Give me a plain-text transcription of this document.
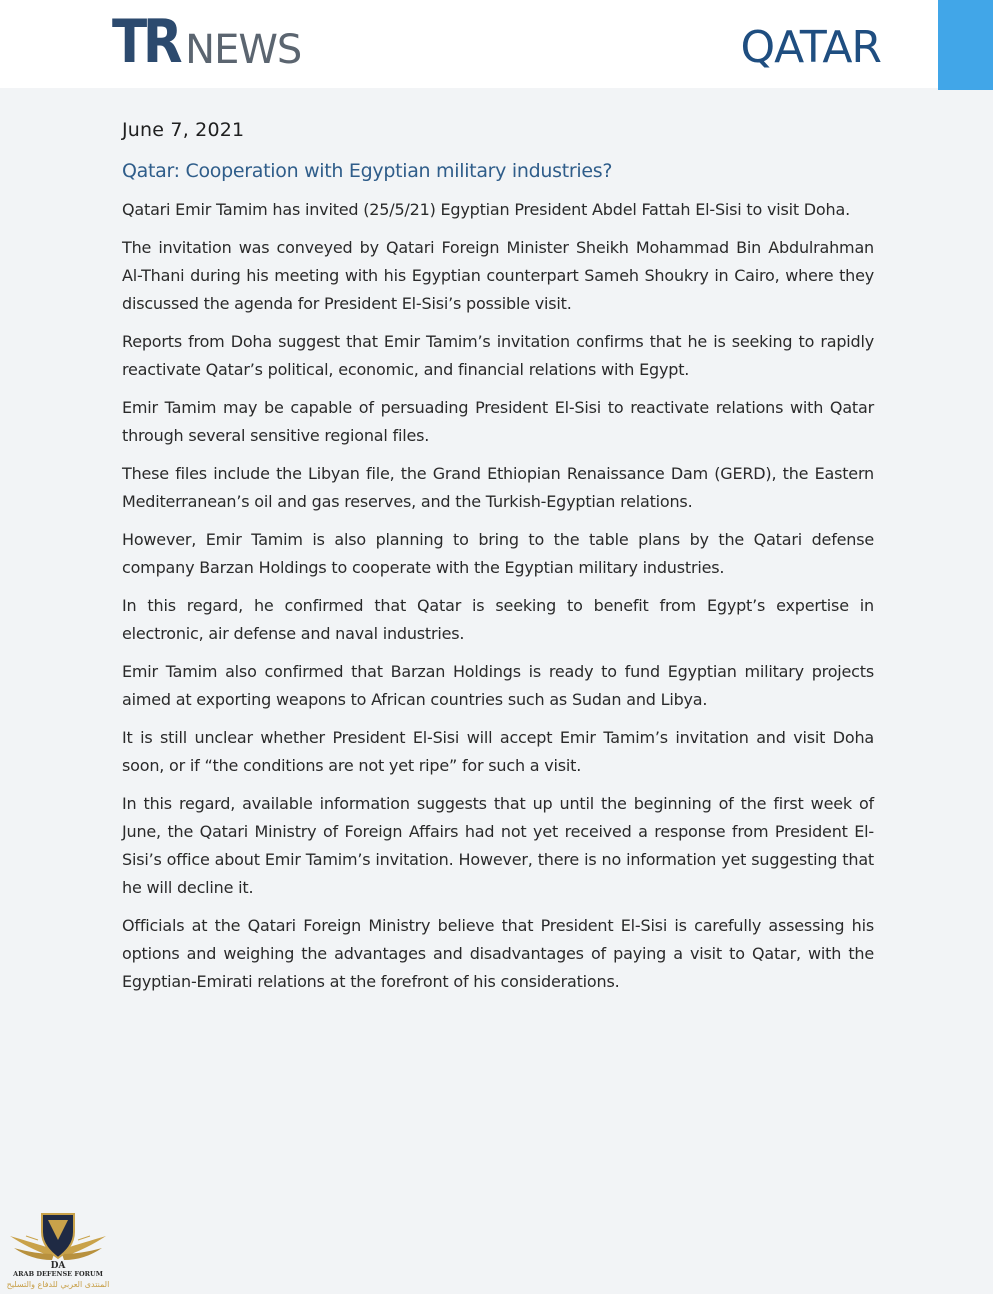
TR NEWS	QATAR
June 7, 2021
Qatar: Cooperation with Egyptian military industries?

Qatari Emir Tamim has invited (25/5/21) Egyptian President Abdel Fattah El-Sisi to visit Doha.

The invitation was conveyed by Qatari Foreign Minister Sheikh Mohammad Bin Abdulrahman Al-Thani during his meeting with his Egyptian counterpart Sameh Shoukry in Cairo, where they discussed the agenda for President El-Sisi’s possible visit.

Reports from Doha suggest that Emir Tamim’s invitation confirms that he is seeking to rapidly reactivate Qatar’s political, economic, and financial relations with Egypt.

Emir Tamim may be capable of persuading President El-Sisi to reactivate relations with Qatar through several sensitive regional files.

These files include the Libyan file, the Grand Ethiopian Renaissance Dam (GERD), the Eastern Mediterranean’s oil and gas reserves, and the Turkish-Egyptian relations.

However, Emir Tamim is also planning to bring to the table plans by the Qatari defense company Barzan Holdings to cooperate with the Egyptian military industries.

In this regard, he confirmed that Qatar is seeking to benefit from Egypt’s expertise in electronic, air defense and naval industries.

Emir Tamim also confirmed that Barzan Holdings is ready to fund Egyptian military projects aimed at exporting weapons to African countries such as Sudan and Libya.

It is still unclear whether President El-Sisi will accept Emir Tamim’s invitation and visit Doha soon, or if “the conditions are not yet ripe” for such a visit.

In this regard, available information suggests that up until the beginning of the first week of June, the Qatari Ministry of Foreign Affairs had not yet received a response from President El-Sisi’s office about Emir Tamim’s invitation. However, there is no information yet suggesting that he will decline it.

Officials at the Qatari Foreign Ministry believe that President El-Sisi is carefully assessing his options and weighing the advantages and disadvantages of paying a visit to Qatar, with the Egyptian-Emirati relations at the forefront of his considerations.

DA
ARAB DEFENSE FORUM
المنتدى العربي للدفاع والتسليح
